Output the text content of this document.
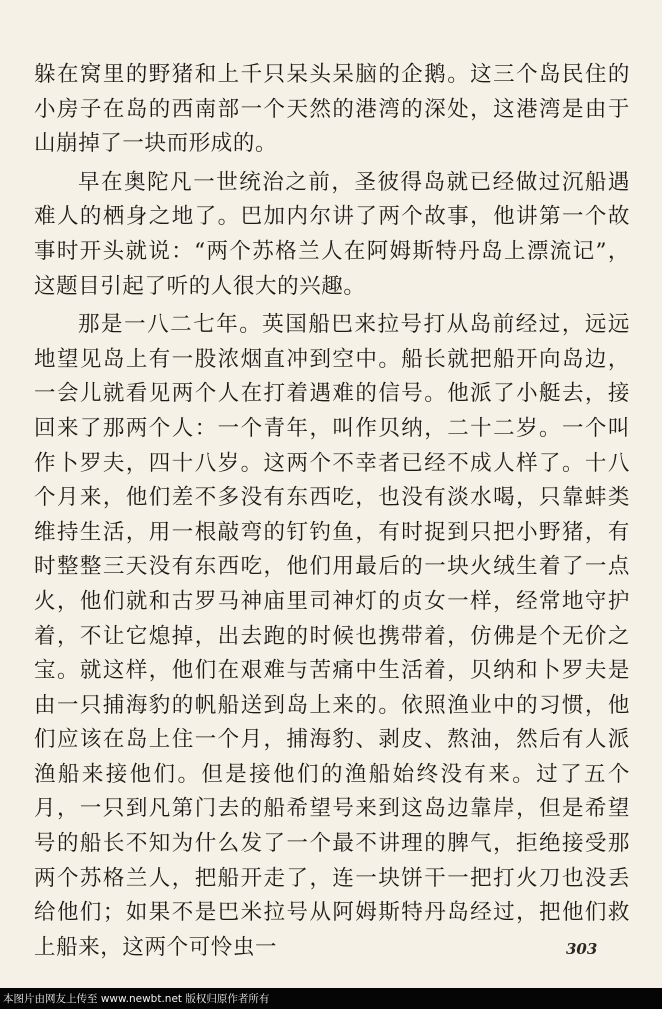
躲在窝里的野猪和上千只呆头呆脑的企鹅。这三个岛民住的小房子在岛的西南部一个天然的港湾的深处，这港湾是由于山崩掉了一块而形成的。

早在奥陀凡一世统治之前，圣彼得岛就已经做过沉船遇难人的栖身之地了。巴加内尔讲了两个故事，他讲第一个故事时开头就说：“两个苏格兰人在阿姆斯特丹岛上漂流记”，这题目引起了听的人很大的兴趣。

那是一八二七年。英国船巴来拉号打从岛前经过，远远地望见岛上有一股浓烟直冲到空中。船长就把船开向岛边，一会儿就看见两个人在打着遇难的信号。他派了小艇去，接回来了那两个人：一个青年，叫作贝纳，二十二岁。一个叫作卜罗夫，四十八岁。这两个不幸者已经不成人样了。十八个月来，他们差不多没有东西吃，也没有淡水喝，只靠蚌类维持生活，用一根敲弯的钉钓鱼，有时捉到只把小野猪，有时整整三天没有东西吃，他们用最后的一块火绒生着了一点火，他们就和古罗马神庙里司神灯的贞女一样，经常地守护着，不让它熄掉，出去跑的时候也携带着，仿佛是个无价之宝。就这样，他们在艰难与苦痛中生活着，贝纳和卜罗夫是由一只捕海豹的帆船送到岛上来的。依照渔业中的习惯，他们应该在岛上住一个月，捕海豹、剥皮、熬油，然后有人派渔船来接他们。但是接他们的渔船始终没有来。过了五个月，一只到凡第门去的船希望号来到这岛边靠岸，但是希望号的船长不知为什么发了一个最不讲理的脾气，拒绝接受那两个苏格兰人，把船开走了，连一块饼干一把打火刀也没丢给他们；如果不是巴米拉号从阿姆斯特丹岛经过，把他们救上船来，这两个可怜虫一	303
本图片由网友上传至 www.newbt.net 版权归原作者所有
